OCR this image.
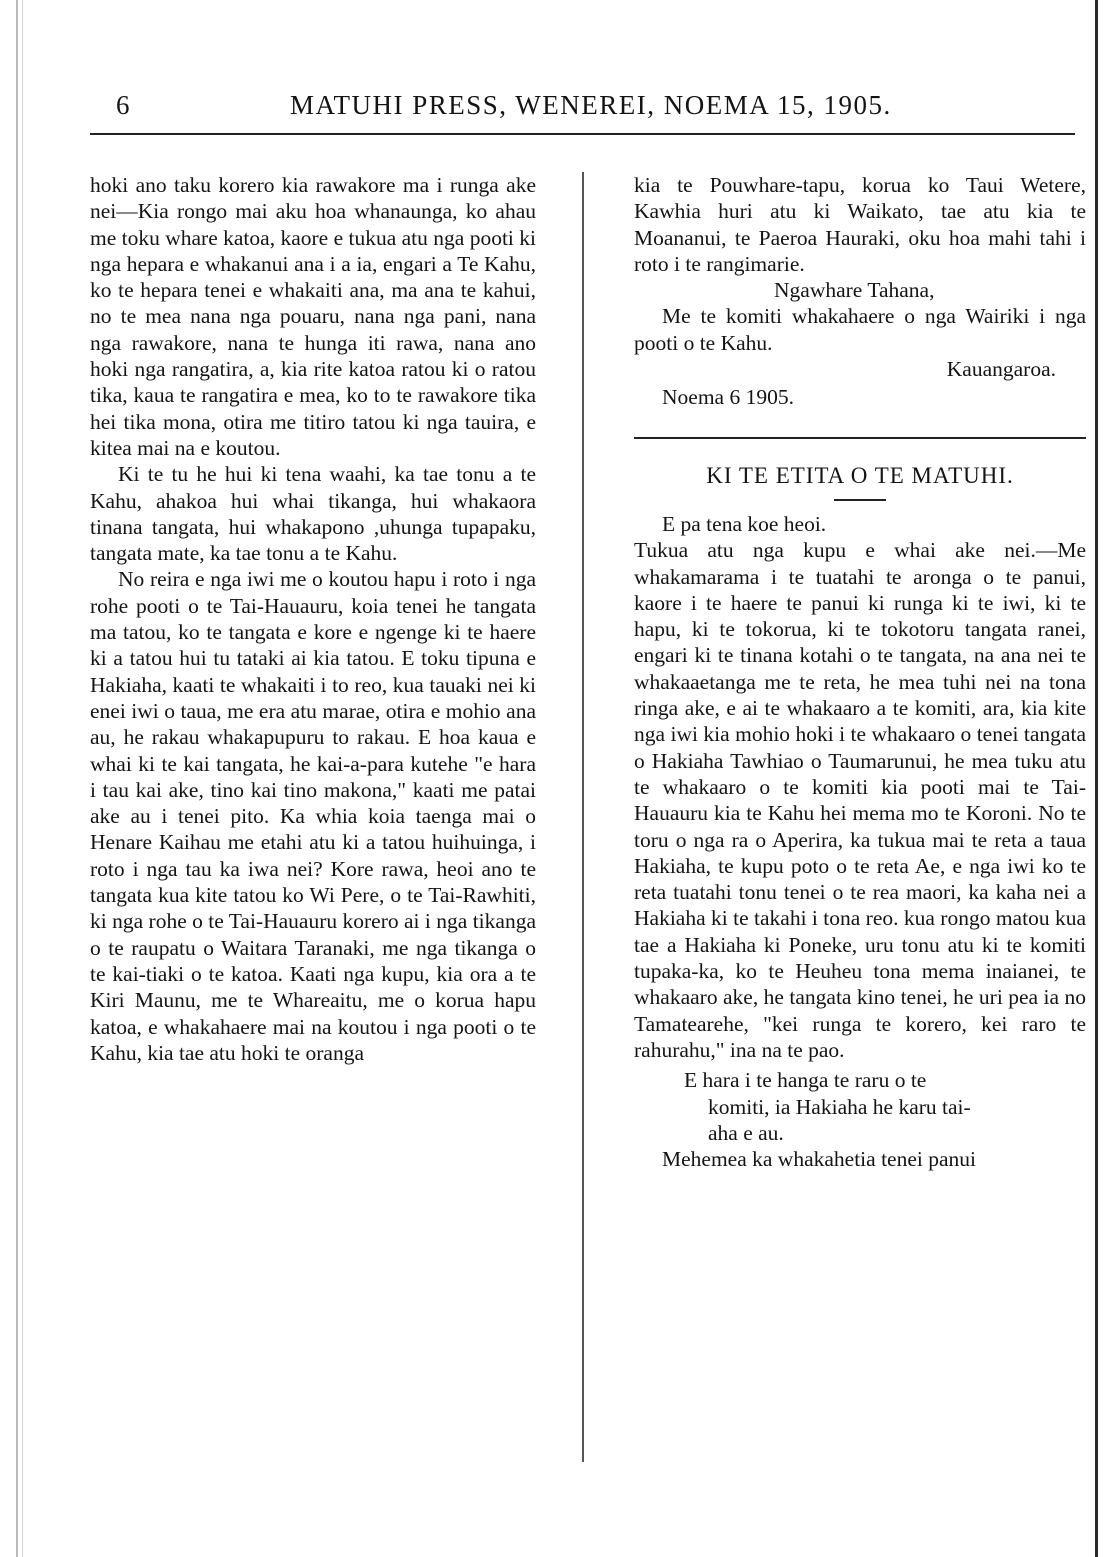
6	MATUHI PRESS, WENEREI, NOEMA 15, 1905.

hoki ano taku korero kia rawakore ma i runga ake nei—Kia rongo mai aku hoa whanaunga, ko ahau me toku whare katoa, kaore e tukua atu nga pooti ki nga hepara e whakanui ana i a ia, engari a Te Kahu, ko te hepara tenei e whakaiti ana, ma ana te kahui, no te mea nana nga pouaru, nana nga pani, nana nga rawakore, nana te hunga iti rawa, nana ano hoki nga rangatira, a, kia rite katoa ratou ki o ratou tika, kaua te rangatira e mea, ko to te rawakore tika hei tika mona, otira me titiro tatou ki nga tauira, e kitea mai na e koutou.

Ki te tu he hui ki tena waahi, ka tae tonu a te Kahu, ahakoa hui whai tikanga, hui whakaora tinana tangata, hui whakapono ,uhunga tupapaku, tangata mate, ka tae tonu a te Kahu.

No reira e nga iwi me o koutou hapu i roto i nga rohe pooti o te Tai-Hauauru, koia tenei he tangata ma tatou, ko te tangata e kore e ngenge ki te haere ki a tatou hui tu tataki ai kia tatou. E toku tipuna e Hakiaha, kaati te whakaiti i to reo, kua tauaki nei ki enei iwi o taua, me era atu marae, otira e mohio ana au, he rakau whakapupuru to rakau. E hoa kaua e whai ki te kai tangata, he kai-a-para kutehe "e hara i tau kai ake, tino kai tino makona," kaati me patai ake au i tenei pito. Ka whia koia taenga mai o Henare Kaihau me etahi atu ki a tatou huihuinga, i roto i nga tau ka iwa nei? Kore rawa, heoi ano te tangata kua kite tatou ko Wi Pere, o te Tai-Rawhiti, ki nga rohe o te Tai-Hauauru korero ai i nga tikanga o te raupatu o Waitara Taranaki, me nga tikanga o te kai-tiaki o te katoa. Kaati nga kupu, kia ora a te Kiri Maunu, me te Whareaitu, me o korua hapu katoa, e whakahaere mai na koutou i nga pooti o te Kahu, kia tae atu hoki te oranga

kia te Pouwhare-tapu, korua ko Taui Wetere, Kawhia huri atu ki Waikato, tae atu kia te Moananui, te Paeroa Hauraki, oku hoa mahi tahi i roto i te rangimarie.

Ngawhare Tahana,

Me te komiti whakahaere o nga Wairiki i nga pooti o te Kahu.

Kauangaroa.

Noema 6 1905.

KI TE ETITA O TE MATUHI.

E pa tena koe heoi.

Tukua atu nga kupu e whai ake nei.—Me whakamarama i te tuatahi te aronga o te panui, kaore i te haere te panui ki runga ki te iwi, ki te hapu, ki te tokorua, ki te tokotoru tangata ranei, engari ki te tinana kotahi o te tangata, na ana nei te whakaaetanga me te reta, he mea tuhi nei na tona ringa ake, e ai te whakaaro a te komiti, ara, kia kite nga iwi kia mohio hoki i te whakaaro o tenei tangata o Hakiaha Tawhiao o Taumarunui, he mea tuku atu te whakaaro o te komiti kia pooti mai te Tai-Hauauru kia te Kahu hei mema mo te Koroni. No te toru o nga ra o Aperira, ka tukua mai te reta a taua Hakiaha, te kupu poto o te reta Ae, e nga iwi ko te reta tuatahi tonu tenei o te rea maori, ka kaha nei a Hakiaha ki te takahi i tona reo. kua rongo matou kua tae a Hakiaha ki Poneke, uru tonu atu ki te komiti tupaka-ka, ko te Heuheu tona mema inaianei, te whakaaro ake, he tangata kino tenei, he uri pea ia no Tamatearehe, "kei runga te korero, kei raro te rahurahu," ina na te pao.

E hara i te hanga te raru o te
komiti, ia Hakiaha he karu tai-
aha e au.

Mehemea ka whakahetia tenei panui
